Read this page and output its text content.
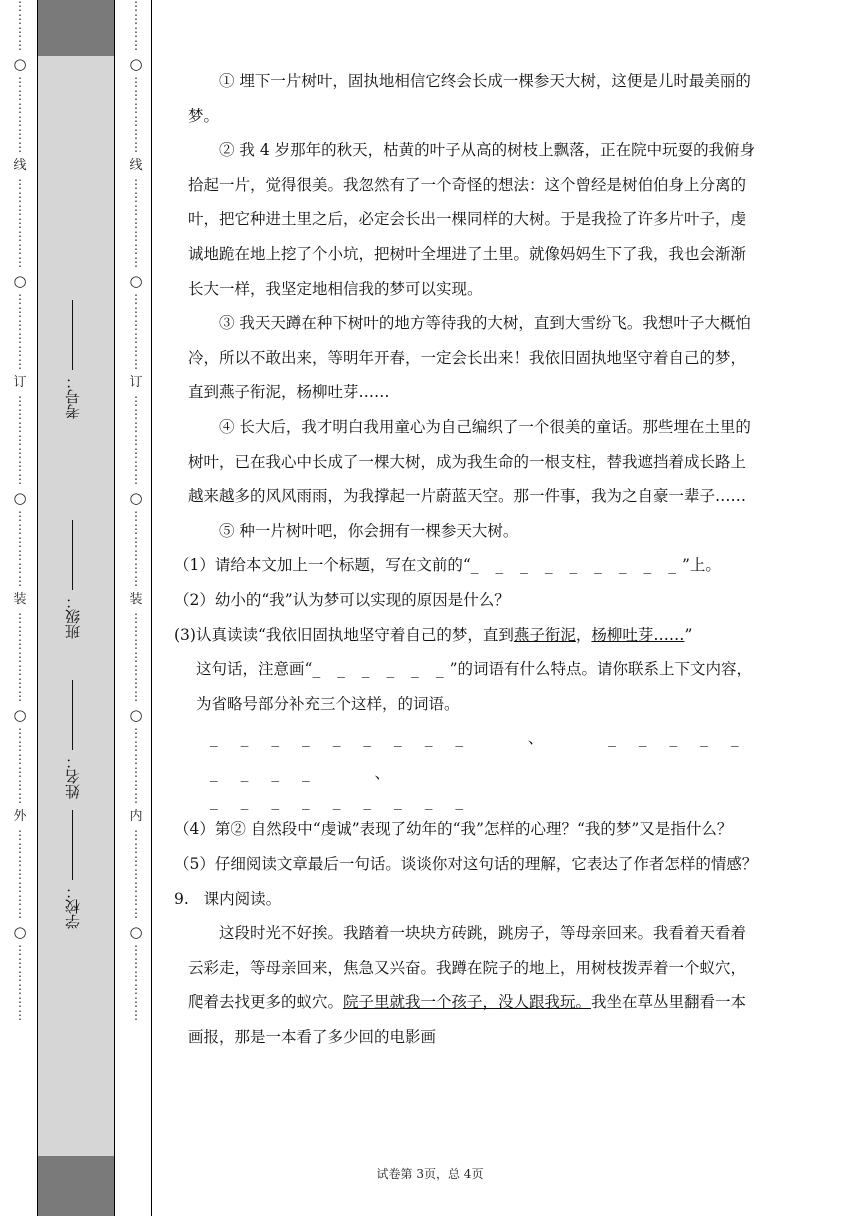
⋮
⋮
⋮
⋮
○
⋮
⋮
⋮
⋮
⋮
⋮
线
⋮
⋮
⋮
⋮
⋮
⋮
⋮
○
⋮
⋮
⋮
⋮
⋮
⋮
订
⋮
⋮
⋮
⋮
⋮
⋮
⋮
○
⋮
⋮
⋮
⋮
⋮
⋮
装
⋮
⋮
⋮
⋮
⋮
⋮
⋮
○
⋮
⋮
⋮
⋮
⋮
⋮
外
⋮
⋮
⋮
⋮
⋮
⋮
⋮
○
⋮
⋮
⋮
⋮
⋮
⋮
⋮
⋮
⋮
⋮
○
⋮
⋮
⋮
⋮
⋮
⋮
线
⋮
⋮
⋮
⋮
⋮
⋮
⋮
○
⋮
⋮
⋮
⋮
⋮
⋮
订
⋮
⋮
⋮
⋮
⋮
⋮
⋮
○
⋮
⋮
⋮
⋮
⋮
⋮
装
⋮
⋮
⋮
⋮
⋮
⋮
⋮
○
⋮
⋮
⋮
⋮
⋮
⋮
内
⋮
⋮
⋮
⋮
⋮
⋮
⋮
○
⋮
⋮
⋮
⋮
⋮
⋮
考号：
班级：
姓名：
学校：

① 埋下一片树叶，固执地相信它终会长成一棵参天大树，这便是儿时最美丽的梦。

② 我 4 岁那年的秋天，枯黄的叶子从高的树枝上飘落，正在院中玩耍的我俯身拾起一片，觉得很美。我忽然有了一个奇怪的想法：这个曾经是树伯伯身上分离的叶，把它种进土里之后，必定会长出一棵同样的大树。于是我捡了许多片叶子，虔诚地跪在地上挖了个小坑，把树叶全埋进了土里。就像妈妈生下了我，我也会渐渐长大一样，我坚定地相信我的梦可以实现。

③ 我天天蹲在种下树叶的地方等待我的大树，直到大雪纷飞。我想叶子大概怕冷，所以不敢出来，等明年开春，一定会长出来！我依旧固执地坚守着自己的梦，直到燕子衔泥，杨柳吐芽……

④ 长大后，我才明白我用童心为自己编织了一个很美的童话。那些埋在土里的树叶，已在我心中长成了一棵大树，成为我生命的一根支柱，替我遮挡着成长路上越来越多的风风雨雨，为我撑起一片蔚蓝天空。那一件事，我为之自豪一辈子……

⑤ 种一片树叶吧，你会拥有一棵参天大树。

（1）请给本文加上一个标题，写在文前的“_ _ _ _ _ _ _ _ _”上。

（2）幼小的“我”认为梦可以实现的原因是什么？

(3)认真读读“我依旧固执地坚守着自己的梦，直到燕子衔泥，杨柳吐芽……”
这句话，注意画“_ _ _ _ _ _”的词语有什么特点。请你联系上下文内容，为省略号部分补充三个这样，的词语。

_ _ _ _ _ _ _ _ _	、	_ _ _ _ _ _ _ _ _	、

_ _ _ _ _ _ _ _ _

（4）第② 自然段中“虔诚”表现了幼年的“我”怎样的心理？“我的梦”又是指什么？

（5）仔细阅读文章最后一句话。谈谈你对这句话的理解，它表达了作者怎样的情感？

9. 课内阅读。

这段时光不好挨。我踏着一块块方砖跳，跳房子，等母亲回来。我看着天看着云彩走，等母亲回来，焦急又兴奋。我蹲在院子的地上，用树枝拨弄着一个蚁穴，爬着去找更多的蚁穴。院子里就我一个孩子，没人跟我玩。我坐在草丛里翻看一本画报，那是一本看了多少回的电影画

试卷第 3页，总 4页
